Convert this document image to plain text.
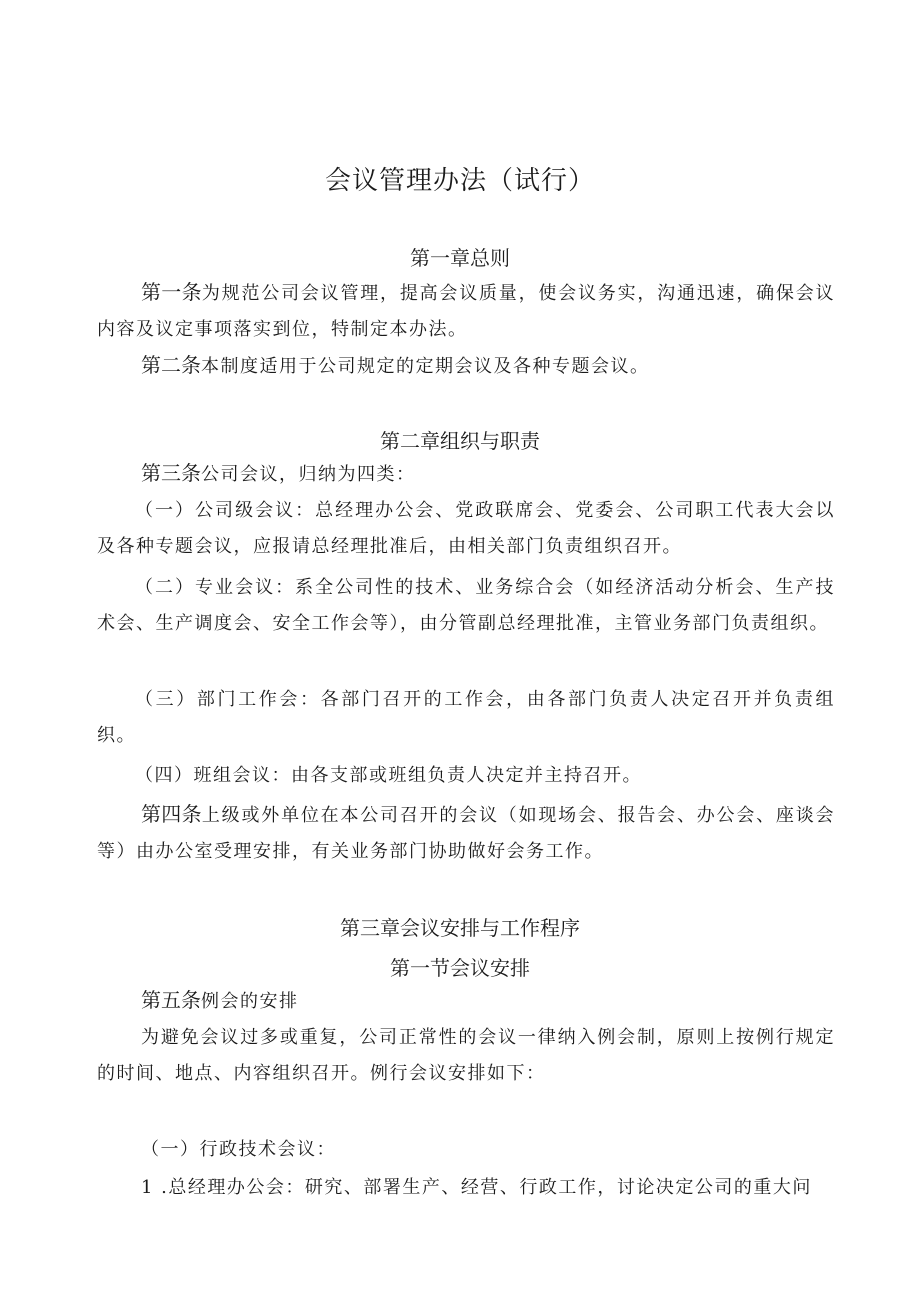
会议管理办法（试行）
第一章总则

第一条为规范公司会议管理，提高会议质量，使会议务实，沟通迅速，确保会议内容及议定事项落实到位，特制定本办法。

第二条本制度适用于公司规定的定期会议及各种专题会议。

第二章组织与职责

第三条公司会议，归纳为四类：

（一）公司级会议：总经理办公会、党政联席会、党委会、公司职工代表大会以及各种专题会议，应报请总经理批准后，由相关部门负责组织召开。

（二）专业会议：系全公司性的技术、业务综合会（如经济活动分析会、生产技术会、生产调度会、安全工作会等），由分管副总经理批准，主管业务部门负责组织。

（三）部门工作会：各部门召开的工作会，由各部门负责人决定召开并负责组织。

（四）班组会议：由各支部或班组负责人决定并主持召开。

第四条上级或外单位在本公司召开的会议（如现场会、报告会、办公会、座谈会等）由办公室受理安排，有关业务部门协助做好会务工作。

第三章会议安排与工作程序
第一节会议安排

第五条例会的安排

为避免会议过多或重复，公司正常性的会议一律纳入例会制，原则上按例行规定的时间、地点、内容组织召开。例行会议安排如下：

（一）行政技术会议：

1 .总经理办公会：研究、部署生产、经营、行政工作，讨论决定公司的重大问
